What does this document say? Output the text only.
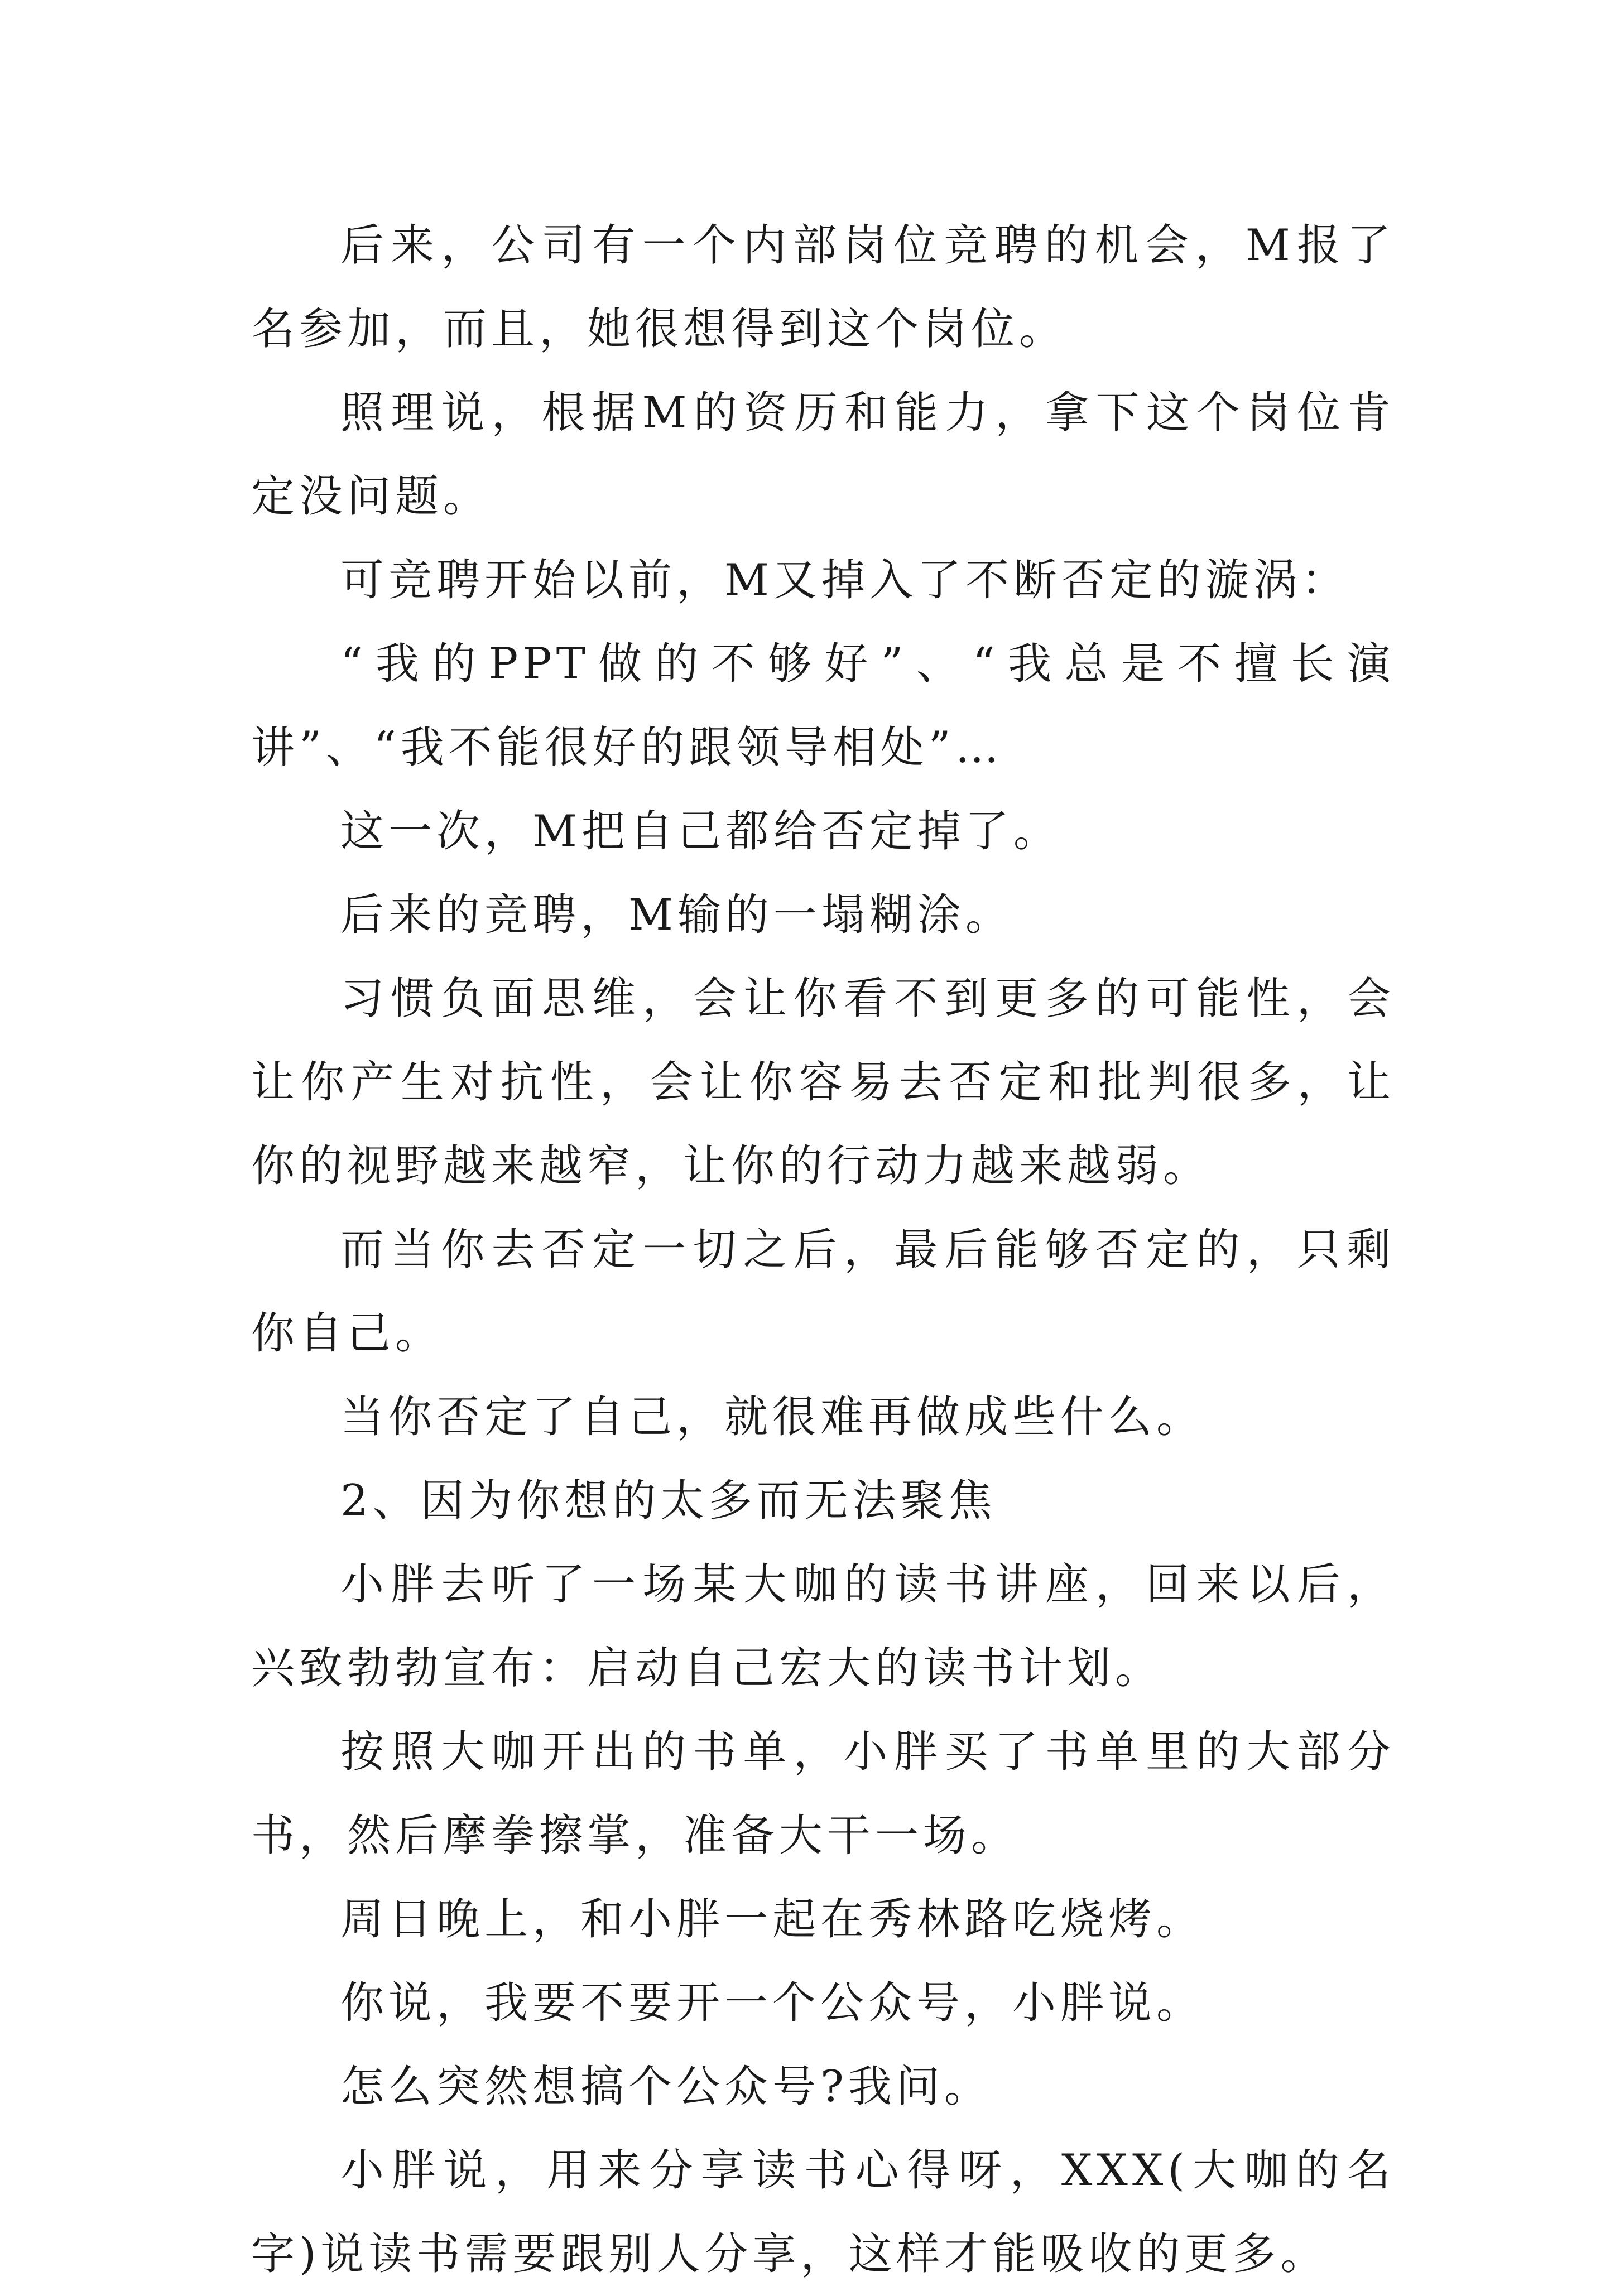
后来，公司有一个内部岗位竞聘的机会，M报了名参加，而且，她很想得到这个岗位。

照理说，根据M的资历和能力，拿下这个岗位肯定没问题。

可竞聘开始以前，M又掉入了不断否定的漩涡：

“我的PPT做的不够好”、“我总是不擅长演讲”、“我不能很好的跟领导相处”…

这一次，M把自己都给否定掉了。

后来的竞聘，M输的一塌糊涂。

习惯负面思维，会让你看不到更多的可能性，会让你产生对抗性，会让你容易去否定和批判很多，让你的视野越来越窄，让你的行动力越来越弱。

而当你去否定一切之后，最后能够否定的，只剩你自己。

当你否定了自己，就很难再做成些什么。

2、因为你想的太多而无法聚焦

小胖去听了一场某大咖的读书讲座，回来以后，兴致勃勃宣布：启动自己宏大的读书计划。

按照大咖开出的书单，小胖买了书单里的大部分书，然后摩拳擦掌，准备大干一场。

周日晚上，和小胖一起在秀林路吃烧烤。

你说，我要不要开一个公众号，小胖说。

怎么突然想搞个公众号?我问。

小胖说，用来分享读书心得呀，XXX(大咖的名字)说读书需要跟别人分享，这样才能吸收的更多。
